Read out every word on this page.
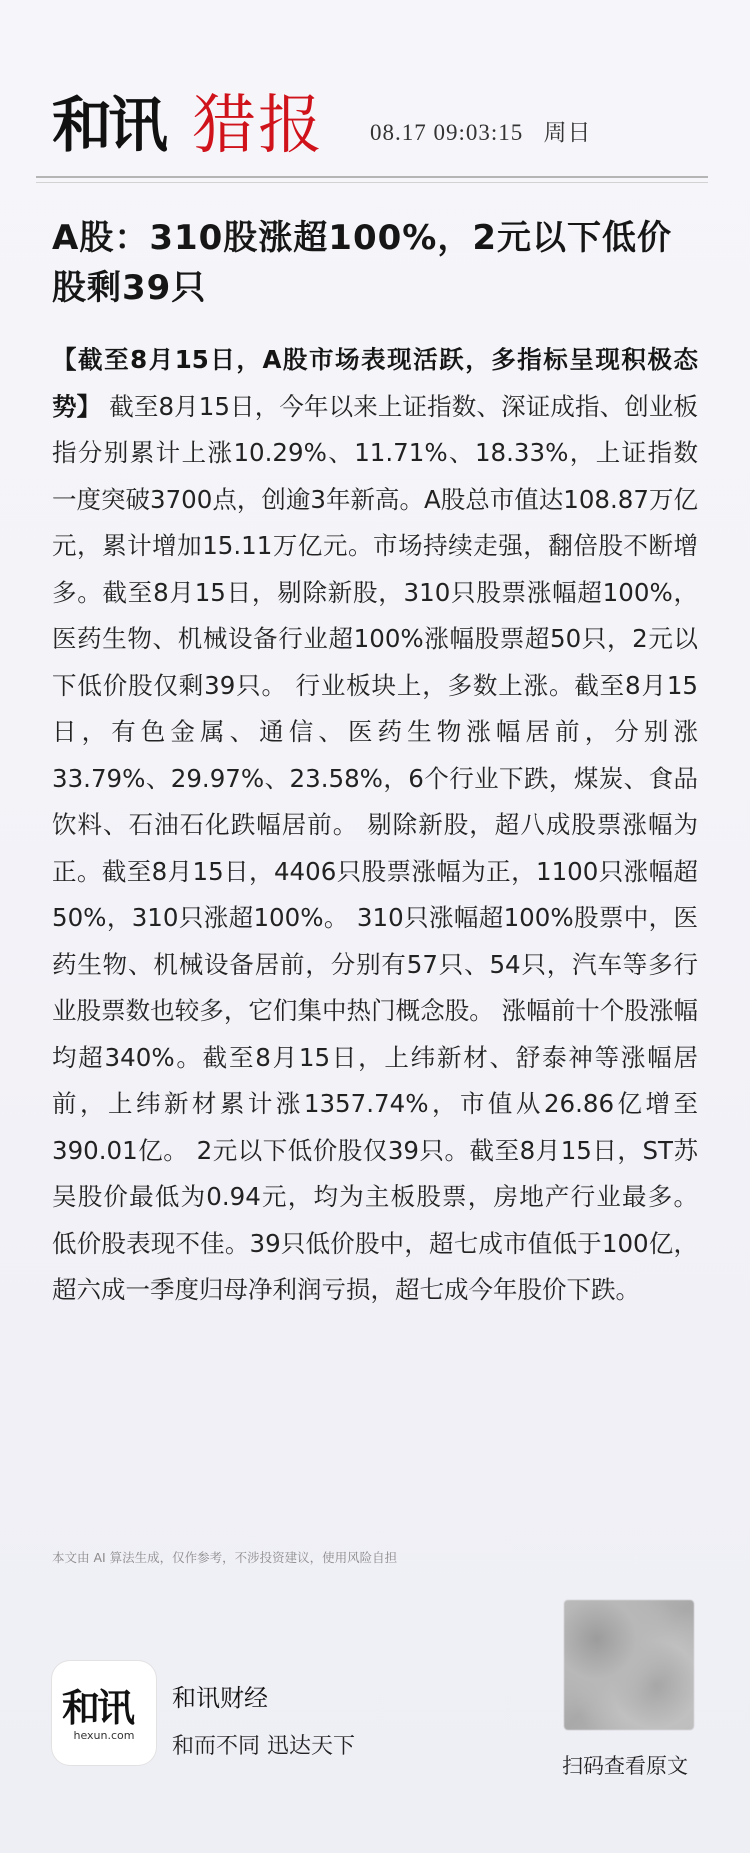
和讯 猎报 08.17 09:03:15 周日
A股：310股涨超100%，2元以下低价股剩39只
【截至8月15日，A股市场表现活跃，多指标呈现积极态势】 截至8月15日，今年以来上证指数、深证成指、创业板指分别累计上涨10.29%、11.71%、18.33%，上证指数一度突破3700点，创逾3年新高。A股总市值达108.87万亿元，累计增加15.11万亿元。市场持续走强，翻倍股不断增多。截至8月15日，剔除新股，310只股票涨幅超100%，医药生物、机械设备行业超100%涨幅股票超50只，2元以下低价股仅剩39只。 行业板块上，多数上涨。截至8月15日，有色金属、通信、医药生物涨幅居前，分别涨33.79%、29.97%、23.58%，6个行业下跌，煤炭、食品饮料、石油石化跌幅居前。 剔除新股，超八成股票涨幅为正。截至8月15日，4406只股票涨幅为正，1100只涨幅超50%，310只涨超100%。 310只涨幅超100%股票中，医药生物、机械设备居前，分别有57只、54只，汽车等多行业股票数也较多，它们集中热门概念股。 涨幅前十个股涨幅均超340%。截至8月15日，上纬新材、舒泰神等涨幅居前，上纬新材累计涨1357.74%，市值从26.86亿增至390.01亿。 2元以下低价股仅39只。截至8月15日，ST苏吴股价最低为0.94元，均为主板股票，房地产行业最多。 低价股表现不佳。39只低价股中，超七成市值低于100亿，超六成一季度归母净利润亏损，超七成今年股价下跌。
本文由 AI 算法生成，仅作参考，不涉投资建议，使用风险自担
和讯
hexun.com
和讯财经
和而不同 迅达天下
扫码查看原文
